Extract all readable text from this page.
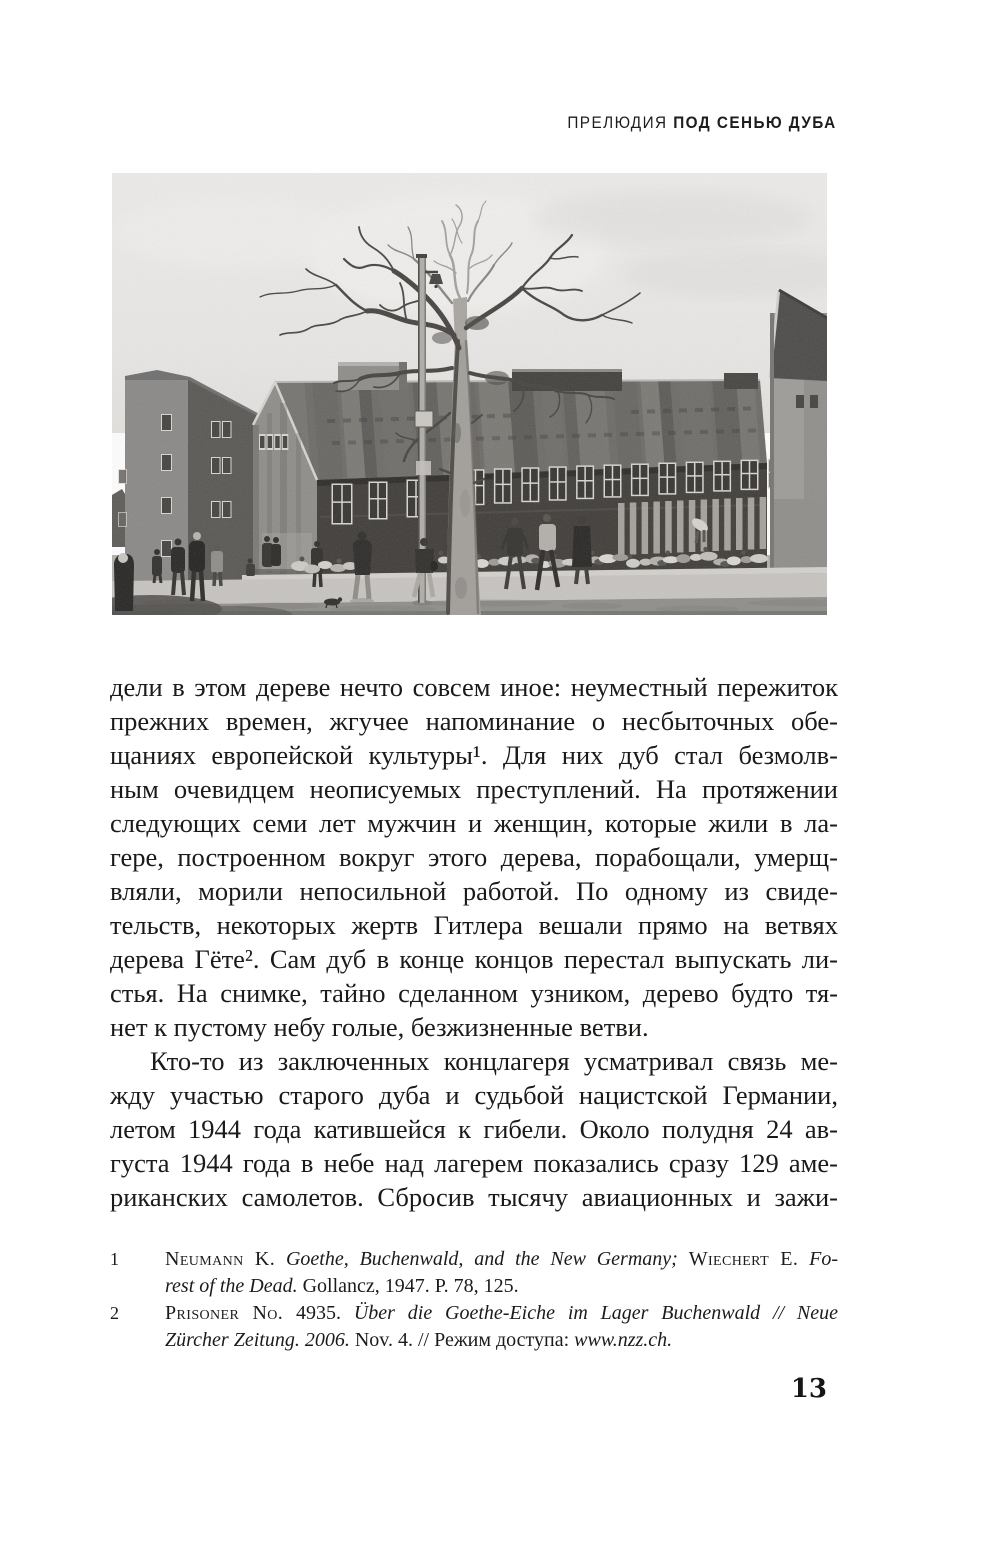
ПРЕЛЮДИЯ ПОД СЕНЬЮ ДУБА
дели в этом дереве нечто совсем иное: неуместный пережиток
прежних времен, жгучее напоминание о несбыточных обе-
щаниях европейской культуры¹. Для них дуб стал безмолв-
ным очевидцем неописуемых преступлений. На протяжении
следующих семи лет мужчин и женщин, которые жили в ла-
гере, построенном вокруг этого дерева, порабощали, умерщ-
вляли, морили непосильной работой. По одному из свиде-
тельств, некоторых жертв Гитлера вешали прямо на ветвях
дерева Гёте². Сам дуб в конце концов перестал выпускать ли-
стья. На снимке, тайно сделанном узником, дерево будто тя-
нет к пустому небу голые, безжизненные ветви.
Кто-то из заключенных концлагеря усматривал связь ме-
жду участью старого дуба и судьбой нацистской Германии,
летом 1944 года катившейся к гибели. Около полудня 24 ав-
густа 1944 года в небе над лагерем показались сразу 129 аме-
риканских самолетов. Сбросив тысячу авиационных и зажи-
1 Neumann K. Goethe, Buchenwald, and the New Germany; Wiechert E. Fo-
rest of the Dead. Gollancz, 1947. P. 78, 125.
2 Prisoner No. 4935. Über die Goethe-Eiche im Lager Buchenwald // Neue
Zürcher Zeitung. 2006. Nov. 4. // Режим доступа: www.nzz.ch.
13
